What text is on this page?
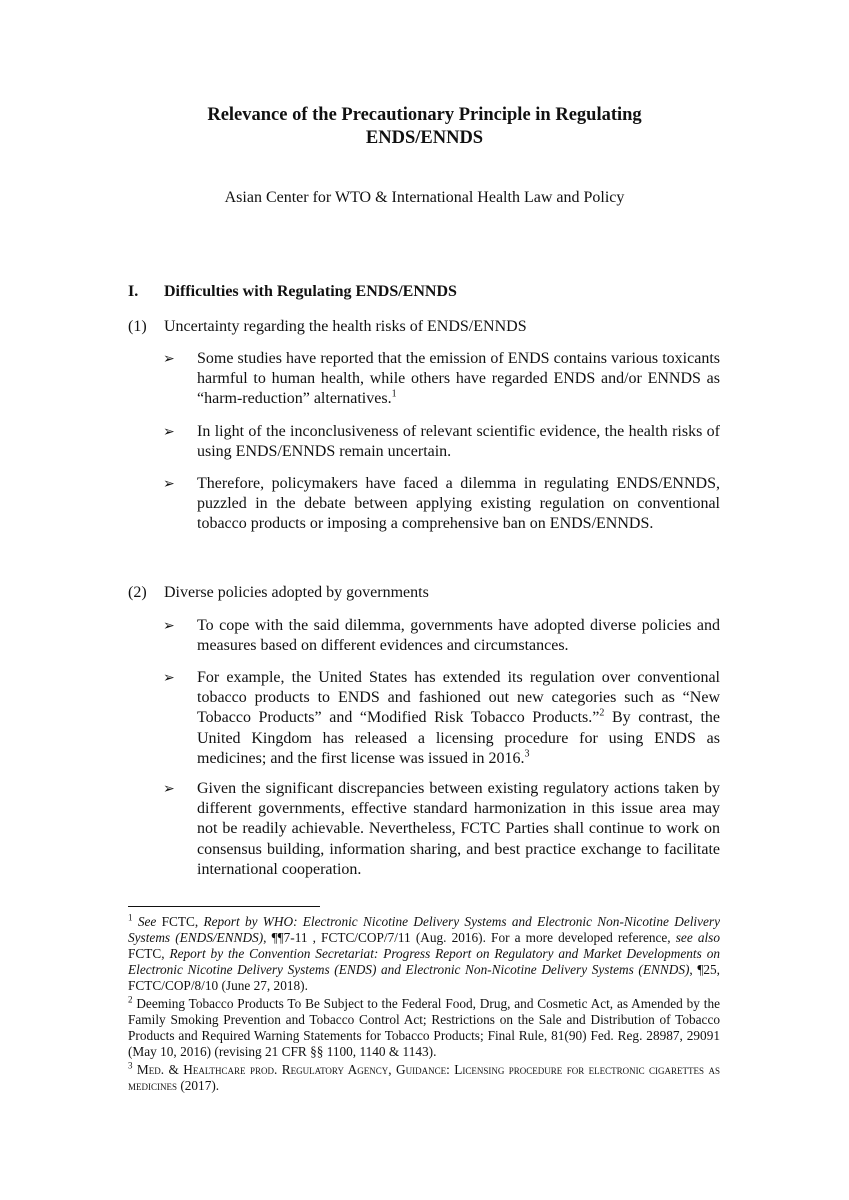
Relevance of the Precautionary Principle in Regulating
ENDS/ENNDS
Asian Center for WTO & International Health Law and Policy
I. Difficulties with Regulating ENDS/ENNDS
(1) Uncertainty regarding the health risks of ENDS/ENNDS
➢ Some studies have reported that the emission of ENDS contains various toxicants harmful to human health, while others have regarded ENDS and/or ENNDS as “harm-reduction” alternatives.$^1$
➢ In light of the inconclusiveness of relevant scientific evidence, the health risks of using ENDS/ENNDS remain uncertain.
➢ Therefore, policymakers have faced a dilemma in regulating ENDS/ENNDS, puzzled in the debate between applying existing regulation on conventional tobacco products or imposing a comprehensive ban on ENDS/ENNDS.
(2) Diverse policies adopted by governments
➢ To cope with the said dilemma, governments have adopted diverse policies and measures based on different evidences and circumstances.
➢ For example, the United States has extended its regulation over conventional tobacco products to ENDS and fashioned out new categories such as “New Tobacco Products” and “Modified Risk Tobacco Products.”$^2$ By contrast, the United Kingdom has released a licensing procedure for using ENDS as medicines; and the first license was issued in 2016.$^3$
➢ Given the significant discrepancies between existing regulatory actions taken by different governments, effective standard harmonization in this issue area may not be readily achievable. Nevertheless, FCTC Parties shall continue to work on consensus building, information sharing, and best practice exchange to facilitate international cooperation.
$^1$ See FCTC, Report by WHO: Electronic Nicotine Delivery Systems and Electronic Non-Nicotine Delivery Systems (ENDS/ENNDS), ¶¶7-11 , FCTC/COP/7/11 (Aug. 2016). For a more developed reference, see also FCTC, Report by the Convention Secretariat: Progress Report on Regulatory and Market Developments on Electronic Nicotine Delivery Systems (ENDS) and Electronic Non-Nicotine Delivery Systems (ENNDS), ¶25, FCTC/COP/8/10 (June 27, 2018).
$^2$ Deeming Tobacco Products To Be Subject to the Federal Food, Drug, and Cosmetic Act, as Amended by the Family Smoking Prevention and Tobacco Control Act; Restrictions on the Sale and Distribution of Tobacco Products and Required Warning Statements for Tobacco Products; Final Rule, 81(90) Fed. Reg. 28987, 29091 (May 10, 2016) (revising 21 CFR §§ 1100, 1140 & 1143).
$^3$ Med. & Healthcare prod. Regulatory Agency, Guidance: Licensing procedure for electronic cigarettes as medicines (2017).
